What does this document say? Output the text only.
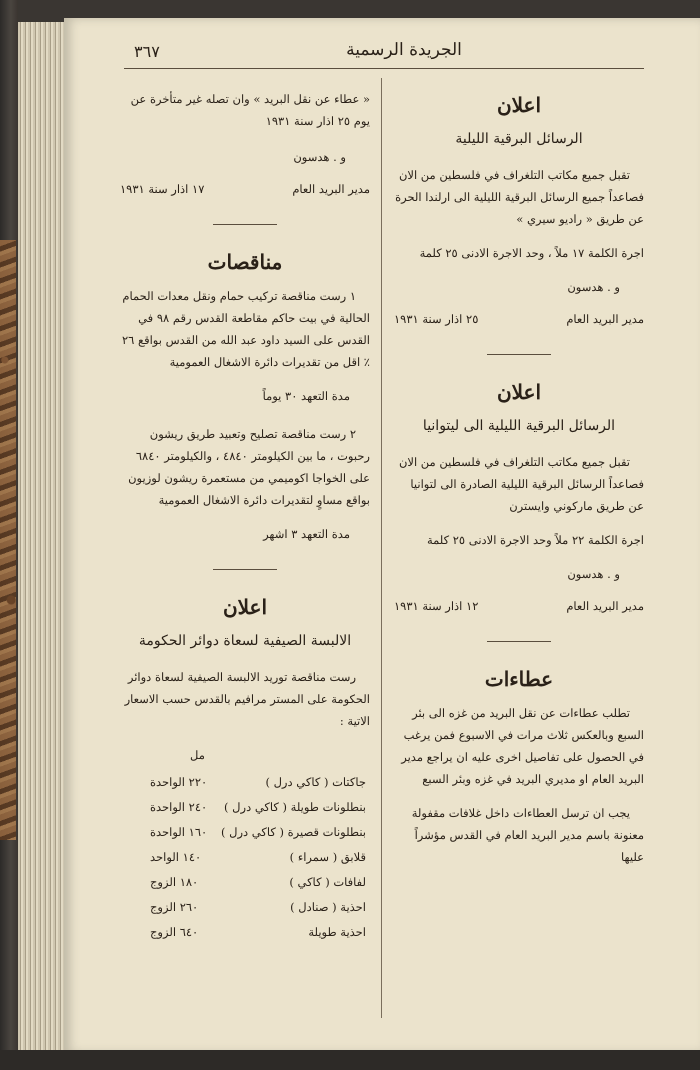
٣٦٧	الجريدة الرسمية
اعلان
الرسائل البرقية الليلية

تقبل جميع مكاتب التلغراف في فلسطين من الان فصاعداً جميع الرسائل البرقية الليلية الى ارلندا الحرة عن طريق « راديو سيري »

اجرة الكلمة ١٧ ملاً ، وحد الاجرة الادنى ٢٥ كلمة

و . هدسون
مدير البريد العام
٢٥ اذار سنة ١٩٣١
اعلان
الرسائل البرقية الليلية الى ليتوانيا

تقبل جميع مكاتب التلغراف في فلسطين من الان فصاعداً الرسائل البرقية الليلية الصادرة الى لتوانيا عن طريق ماركوني وايسترن

اجرة الكلمة ٢٢ ملاً وحد الاجرة الادنى ٢٥ كلمة

و . هدسون
مدير البريد العام
١٢ اذار سنة ١٩٣١
عطاءات

تطلب عطاءات عن نقل البريد من غزه الى بئر السبع وبالعكس ثلاث مرات في الاسبوع فمن يرغب في الحصول على تفاصيل اخرى عليه ان يراجع مدير البريد العام او مديري البريد في غزه وبئر السبع

يجب ان ترسل العطاءات داخل غلافات مقفولة معنونة باسم مدير البريد العام في القدس مؤشراً عليها

« عطاء عن نقل البريد » وان تصله غير متأخرة عن يوم ٢٥ اذار سنة ١٩٣١

و . هدسون
مدير البريد العام
١٧ اذار سنة ١٩٣١
مناقصات

١ رست مناقصة تركيب حمام ونقل معدات الحمام الحالية في بيت حاكم مقاطعة القدس رقم ٩٨ في القدس على السيد داود عبد الله من القدس بواقع ٢٦ ٪ اقل من تقديرات دائرة الاشغال العمومية

مدة التعهد ٣٠ يوماً

٢ رست مناقصة تصليح وتعبيد طريق ريشون رحبوت ، ما بين الكيلومتر ٤٨٤٠ ، والكيلومتر ٦٨٤٠ على الخواجا اكوميمي من مستعمرة ريشون لوزيون بواقع مساوٍ لتقديرات دائرة الاشغال العمومية

مدة التعهد ٣ اشهر
اعلان
الالبسة الصيفية لسعاة دوائر الحكومة

رست مناقصة توريد الالبسة الصيفية لسعاة دوائر الحكومة على المستر مرافيم بالقدس حسب الاسعار الاتية :

مل
جاكتات ( كاكي درل )
٢٢٠ الواحدة
بنطلونات طويلة ( كاكي درل )
٢٤٠ الواحدة
بنطلونات قصيرة ( كاكي درل )
١٦٠ الواحدة
قلابق ( سمراء )
١٤٠ الواحد
لفافات ( كاكي )
١٨٠ الزوج
احذية ( صنادل )
٢٦٠ الزوج
احذية طويلة
٦٤٠ الزوج
